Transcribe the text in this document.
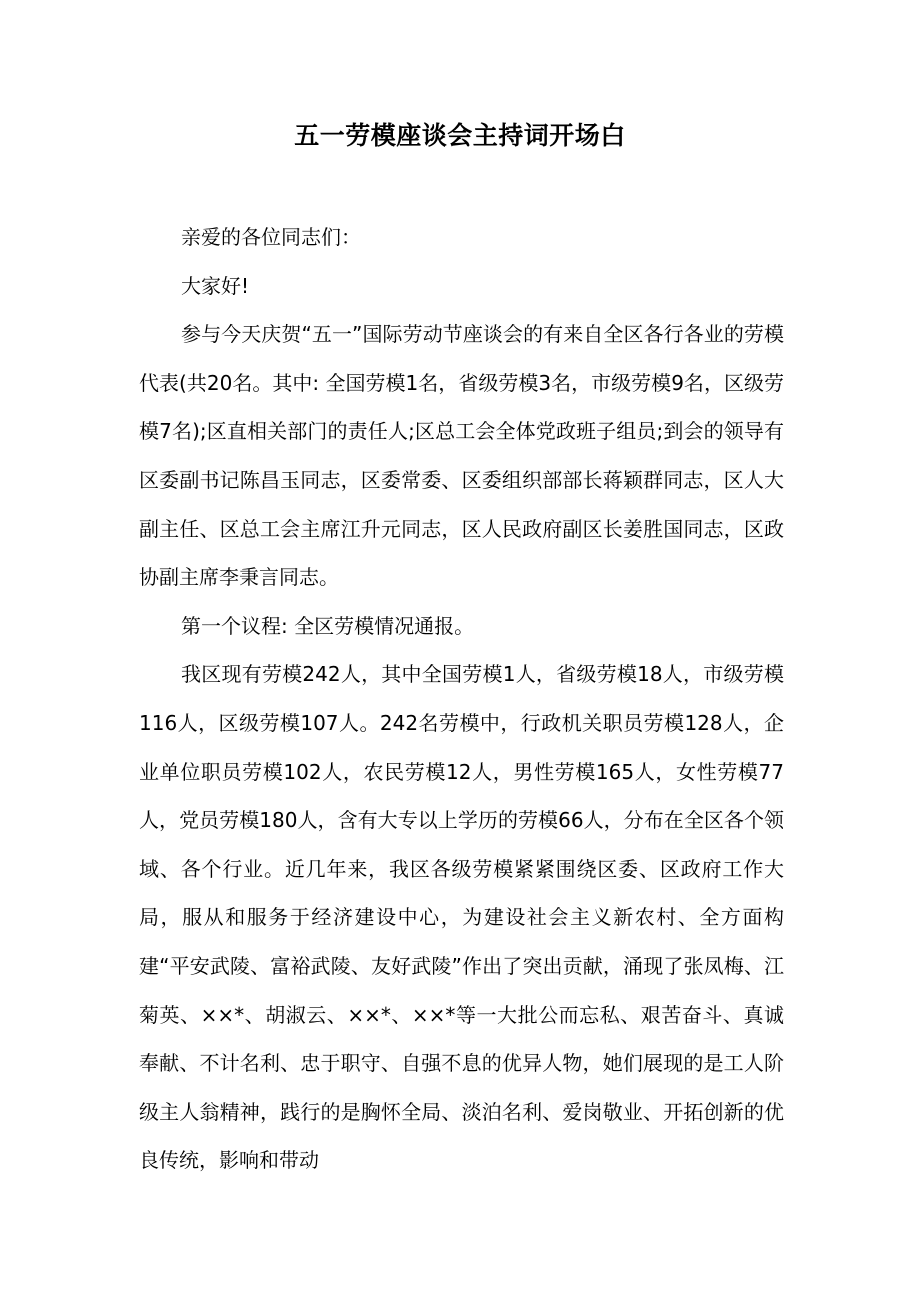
五一劳模座谈会主持词开场白

亲爱的各位同志们：

大家好!

参与今天庆贺“五一”国际劳动节座谈会的有来自全区各行各业的劳模代表(共20名。其中: 全国劳模1名，省级劳模3名，市级劳模9名，区级劳模7名);区直相关部门的责任人;区总工会全体党政班子组员;到会的领导有区委副书记陈昌玉同志，区委常委、区委组织部部长蒋颖群同志，区人大副主任、区总工会主席江升元同志，区人民政府副区长姜胜国同志，区政协副主席李秉言同志。

第一个议程: 全区劳模情况通报。

我区现有劳模242人，其中全国劳模1人，省级劳模18人，市级劳模116人，区级劳模107人。242名劳模中，行政机关职员劳模128人，企业单位职员劳模102人，农民劳模12人，男性劳模165人，女性劳模77人，党员劳模180人，含有大专以上学历的劳模66人，分布在全区各个领域、各个行业。近几年来，我区各级劳模紧紧围绕区委、区政府工作大局，服从和服务于经济建设中心，为建设社会主义新农村、全方面构建“平安武陵、富裕武陵、友好武陵”作出了突出贡献，涌现了张凤梅、江菊英、××*、胡淑云、××*、××*等一大批公而忘私、艰苦奋斗、真诚奉献、不计名利、忠于职守、自强不息的优异人物，她们展现的是工人阶级主人翁精神，践行的是胸怀全局、淡泊名利、爱岗敬业、开拓创新的优良传统，影响和带动
